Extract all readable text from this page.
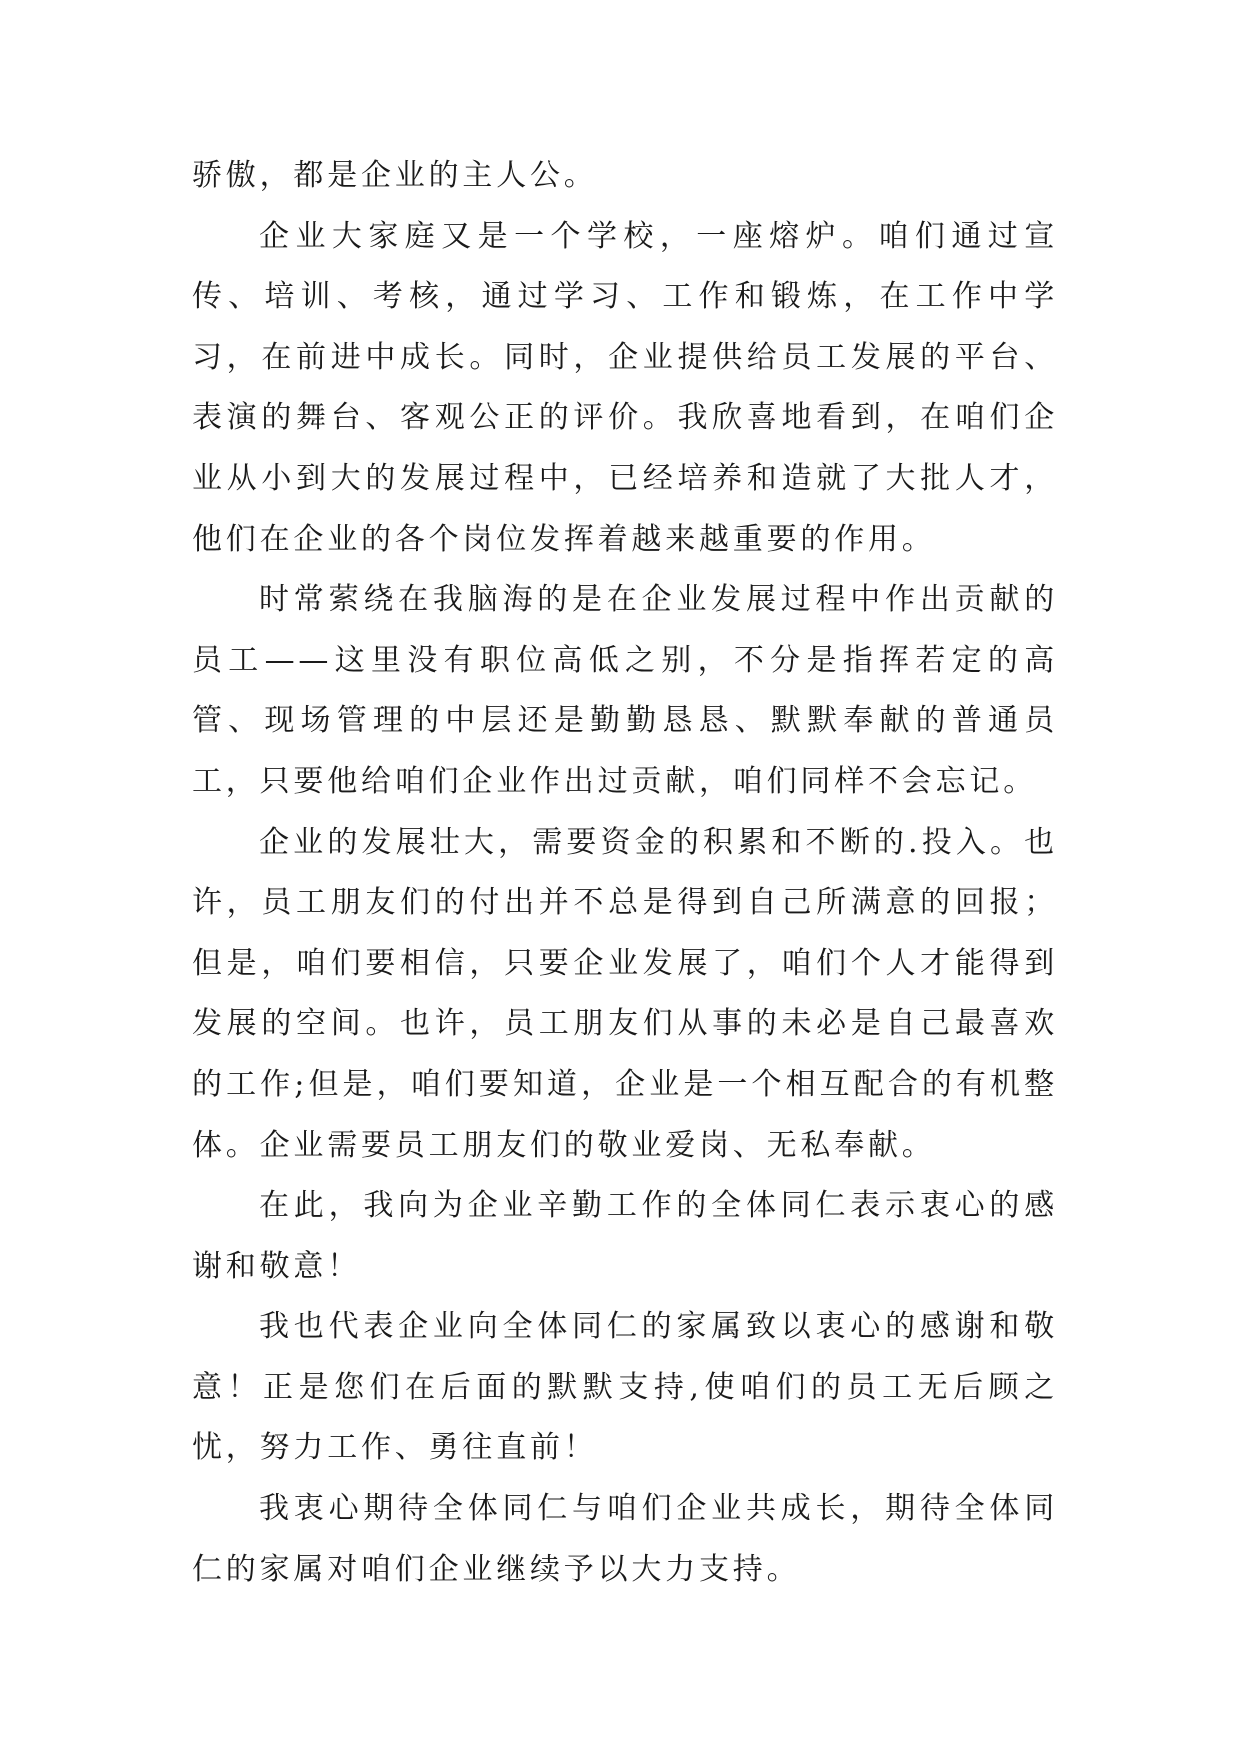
骄傲，都是企业的主人公。

企业大家庭又是一个学校，一座熔炉。咱们通过宣传、培训、考核，通过学习、工作和锻炼，在工作中学习，在前进中成长。同时，企业提供给员工发展的平台、表演的舞台、客观公正的评价。我欣喜地看到，在咱们企业从小到大的发展过程中，已经培养和造就了大批人才，他们在企业的各个岗位发挥着越来越重要的作用。

时常萦绕在我脑海的是在企业发展过程中作出贡献的员工——这里没有职位高低之别，不分是指挥若定的高管、现场管理的中层还是勤勤恳恳、默默奉献的普通员工，只要他给咱们企业作出过贡献，咱们同样不会忘记。

企业的发展壮大，需要资金的积累和不断的.投入。也许，员工朋友们的付出并不总是得到自己所满意的回报；但是，咱们要相信，只要企业发展了，咱们个人才能得到发展的空间。也许，员工朋友们从事的未必是自己最喜欢的工作;但是，咱们要知道，企业是一个相互配合的有机整体。企业需要员工朋友们的敬业爱岗、无私奉献。

在此，我向为企业辛勤工作的全体同仁表示衷心的感谢和敬意！

我也代表企业向全体同仁的家属致以衷心的感谢和敬意！正是您们在后面的默默支持,使咱们的员工无后顾之忧，努力工作、勇往直前！

我衷心期待全体同仁与咱们企业共成长，期待全体同仁的家属对咱们企业继续予以大力支持。
